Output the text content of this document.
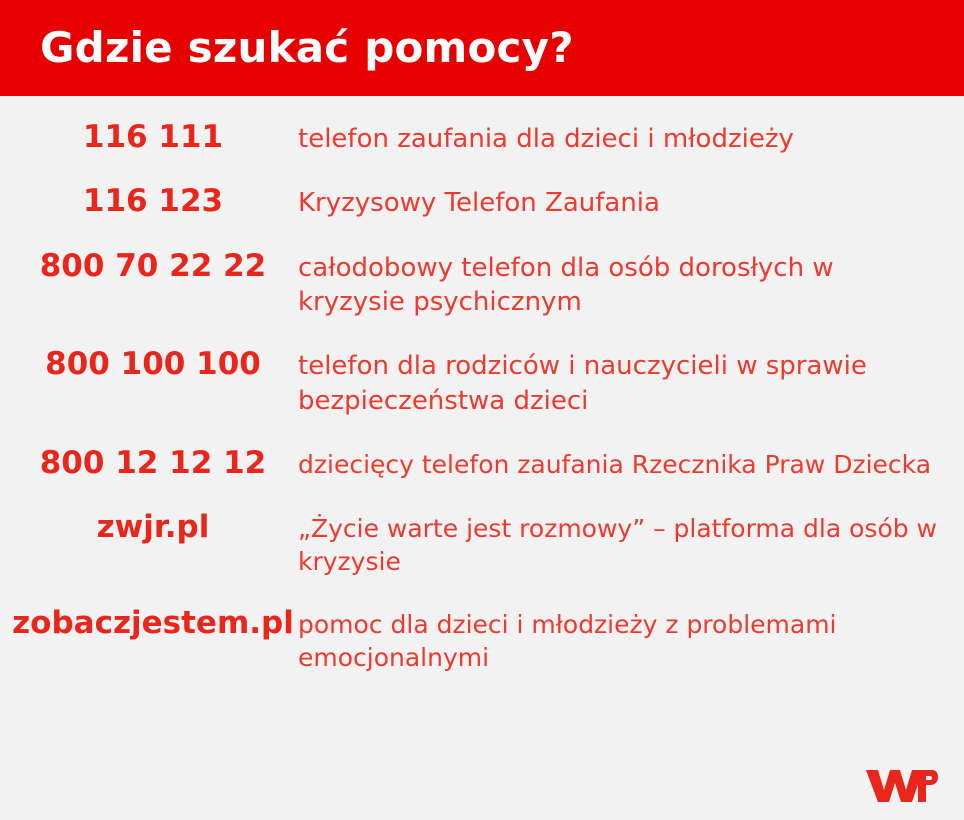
Gdzie szukać pomocy?
116 111	telefon zaufania dla dzieci i młodzieży
116 123	Kryzysowy Telefon Zaufania
800 70 22 22	całodobowy telefon dla osób dorosłych w kryzysie psychicznym
800 100 100	telefon dla rodziców i nauczycieli w sprawie bezpieczeństwa dzieci
800 12 12 12	dziecięcy telefon zaufania Rzecznika Praw Dziecka
zwjr.pl	„Życie warte jest rozmowy” – platforma dla osób w kryzysie
zobaczjestem.pl pomoc dla dzieci i młodzieży z problemami emocjonalnymi
